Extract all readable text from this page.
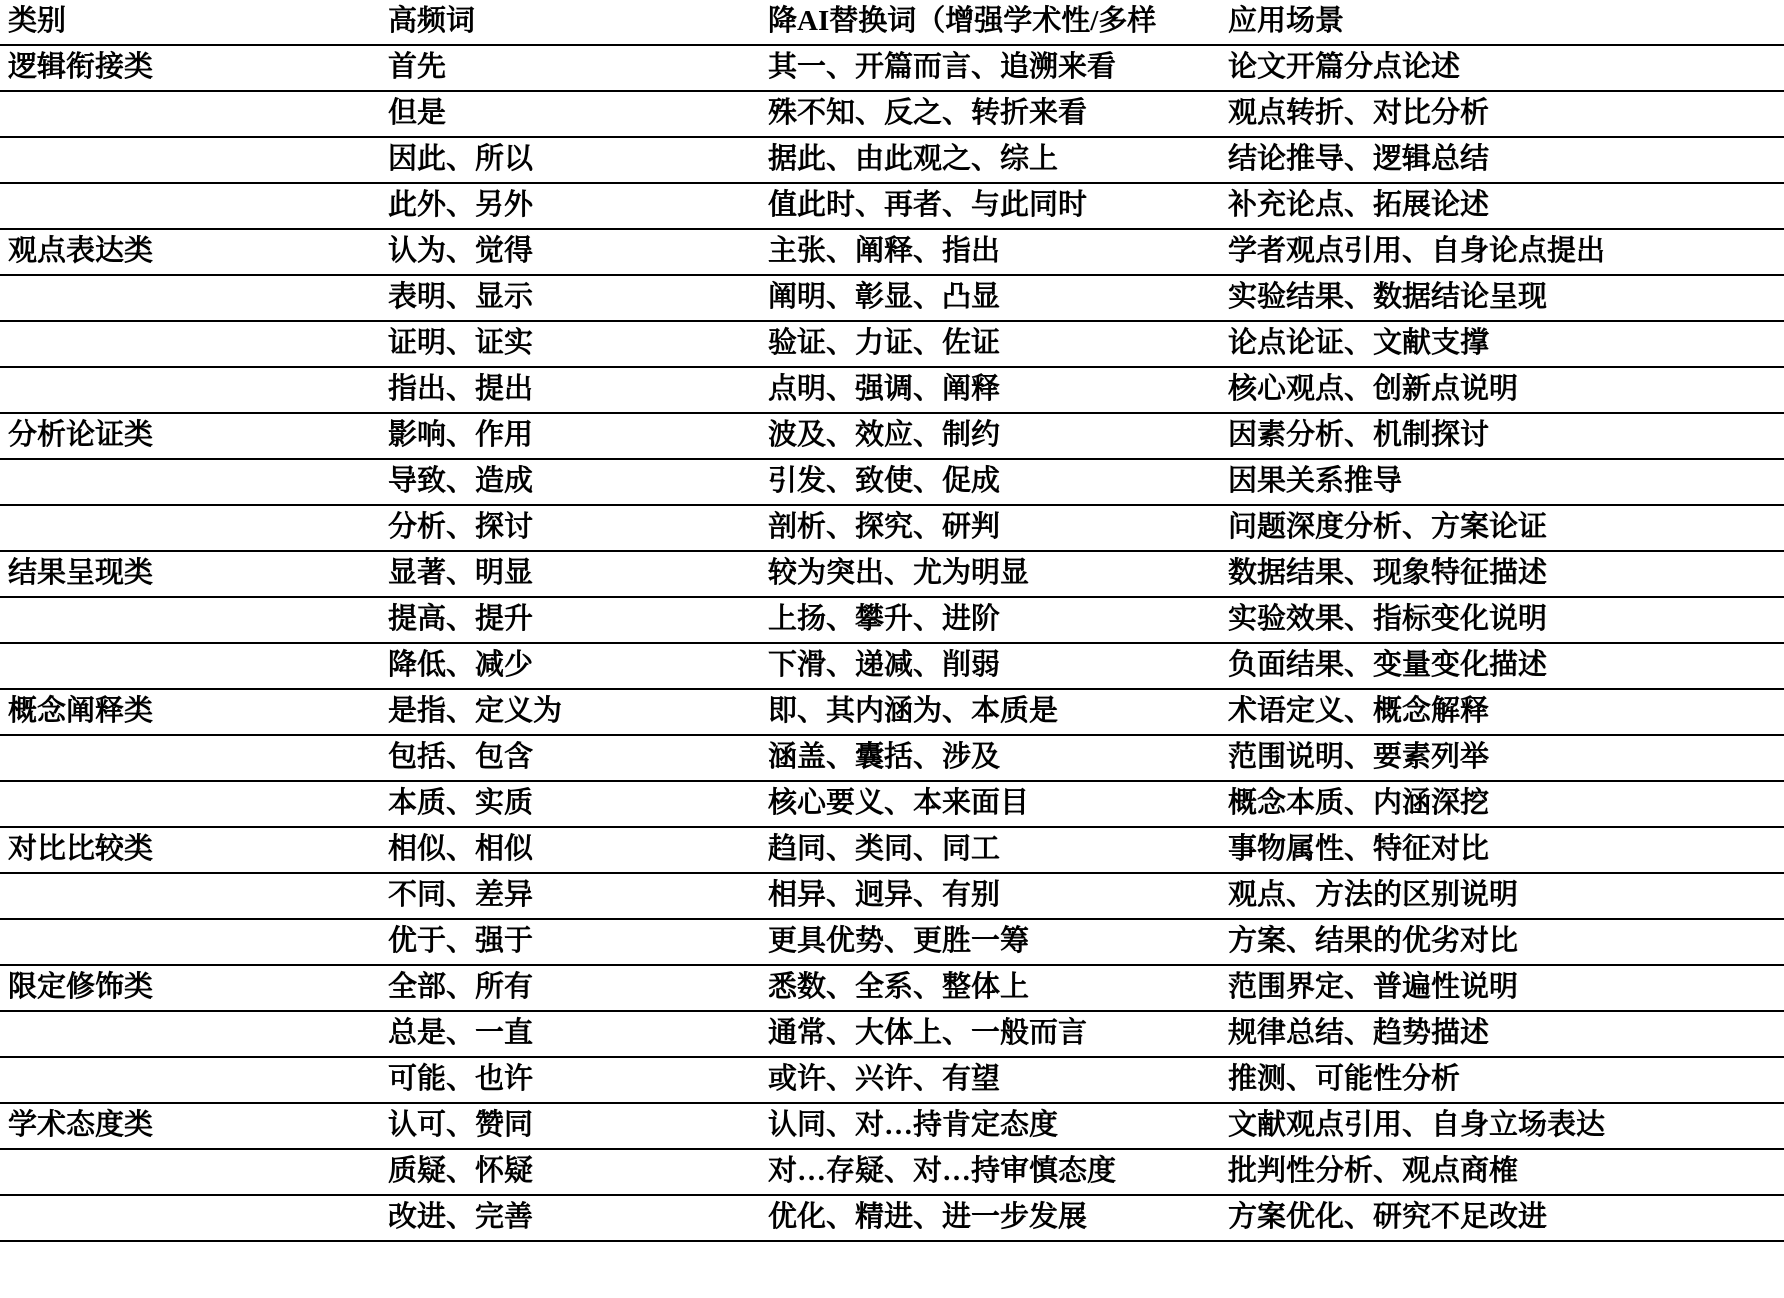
类别	高频词	降AI替换词（增强学术性/多样	应用场景
逻辑衔接类	首先	其一、开篇而言、追溯来看	论文开篇分点论述
	但是	殊不知、反之、转折来看	观点转折、对比分析
	因此、所以	据此、由此观之、综上	结论推导、逻辑总结
	此外、另外	值此时、再者、与此同时	补充论点、拓展论述
观点表达类	认为、觉得	主张、阐释、指出	学者观点引用、自身论点提出
	表明、显示	阐明、彰显、凸显	实验结果、数据结论呈现
	证明、证实	验证、力证、佐证	论点论证、文献支撑
	指出、提出	点明、强调、阐释	核心观点、创新点说明
分析论证类	影响、作用	波及、效应、制约	因素分析、机制探讨
	导致、造成	引发、致使、促成	因果关系推导
	分析、探讨	剖析、探究、研判	问题深度分析、方案论证
结果呈现类	显著、明显	较为突出、尤为明显	数据结果、现象特征描述
	提高、提升	上扬、攀升、进阶	实验效果、指标变化说明
	降低、减少	下滑、递减、削弱	负面结果、变量变化描述
概念阐释类	是指、定义为	即、其内涵为、本质是	术语定义、概念解释
	包括、包含	涵盖、囊括、涉及	范围说明、要素列举
	本质、实质	核心要义、本来面目	概念本质、内涵深挖
对比比较类	相似、相似	趋同、类同、同工	事物属性、特征对比
	不同、差异	相异、迥异、有别	观点、方法的区别说明
	优于、强于	更具优势、更胜一筹	方案、结果的优劣对比
限定修饰类	全部、所有	悉数、全系、整体上	范围界定、普遍性说明
	总是、一直	通常、大体上、一般而言	规律总结、趋势描述
	可能、也许	或许、兴许、有望	推测、可能性分析
学术态度类	认可、赞同	认同、对…持肯定态度	文献观点引用、自身立场表达
	质疑、怀疑	对…存疑、对…持审慎态度	批判性分析、观点商榷
	改进、完善	优化、精进、进一步发展	方案优化、研究不足改进
